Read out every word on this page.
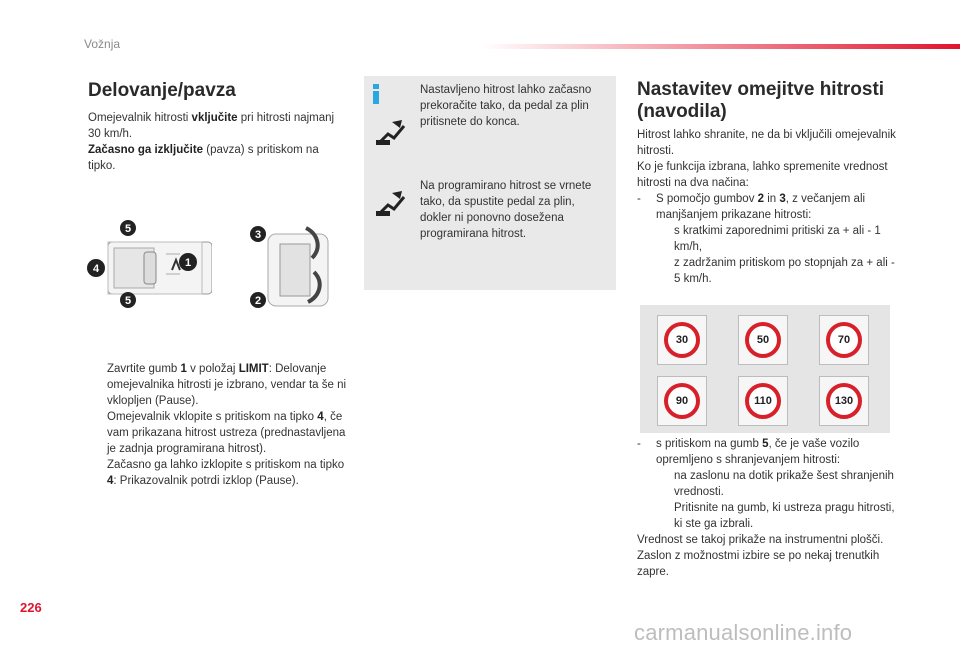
Vožnja
Delovanje/pavza
Omejevalnik hitrosti vključite pri hitrosti najmanj 30 km/h.
Začasno ga izključite (pavza) s pritiskom na tipko.
5
4
5
1
3
2
Zavrtite gumb 1 v položaj LIMIT: Delovanje omejevalnika hitrosti je izbrano, vendar ta še ni vklopljen (Pause).
Omejevalnik vklopite s pritiskom na tipko 4, če vam prikazana hitrost ustreza (prednastavljena je zadnja programirana hitrost).
Začasno ga lahko izklopite s pritiskom na tipko 4: Prikazovalnik potrdi izklop (Pause).
Nastavljeno hitrost lahko začasno prekoračite tako, da pedal za plin pritisnete do konca.
Na programirano hitrost se vrnete tako, da spustite pedal za plin, dokler ni ponovno dosežena programirana hitrost.
Nastavitev omejitve hitrosti (navodila)
Hitrost lahko shranite, ne da bi vključili omejevalnik hitrosti.
Ko je funkcija izbrana, lahko spremenite vrednost hitrosti na dva načina:
- S pomočjo gumbov 2 in 3, z večanjem ali manjšanjem prikazane hitrosti:
s kratkimi zaporednimi pritiski za + ali - 1 km/h,
z zadržanim pritiskom po stopnjah za + ali - 5 km/h.
30	50	70
90	110	130
- s pritiskom na gumb 5, če je vaše vozilo opremljeno s shranjevanjem hitrosti:
na zaslonu na dotik prikaže šest shranjenih vrednosti.
Pritisnite na gumb, ki ustreza pragu hitrosti, ki ste ga izbrali.
Vrednost se takoj prikaže na instrumentni plošči.
Zaslon z možnostmi izbire se po nekaj trenutkih zapre.
226
carmanualsonline.info
